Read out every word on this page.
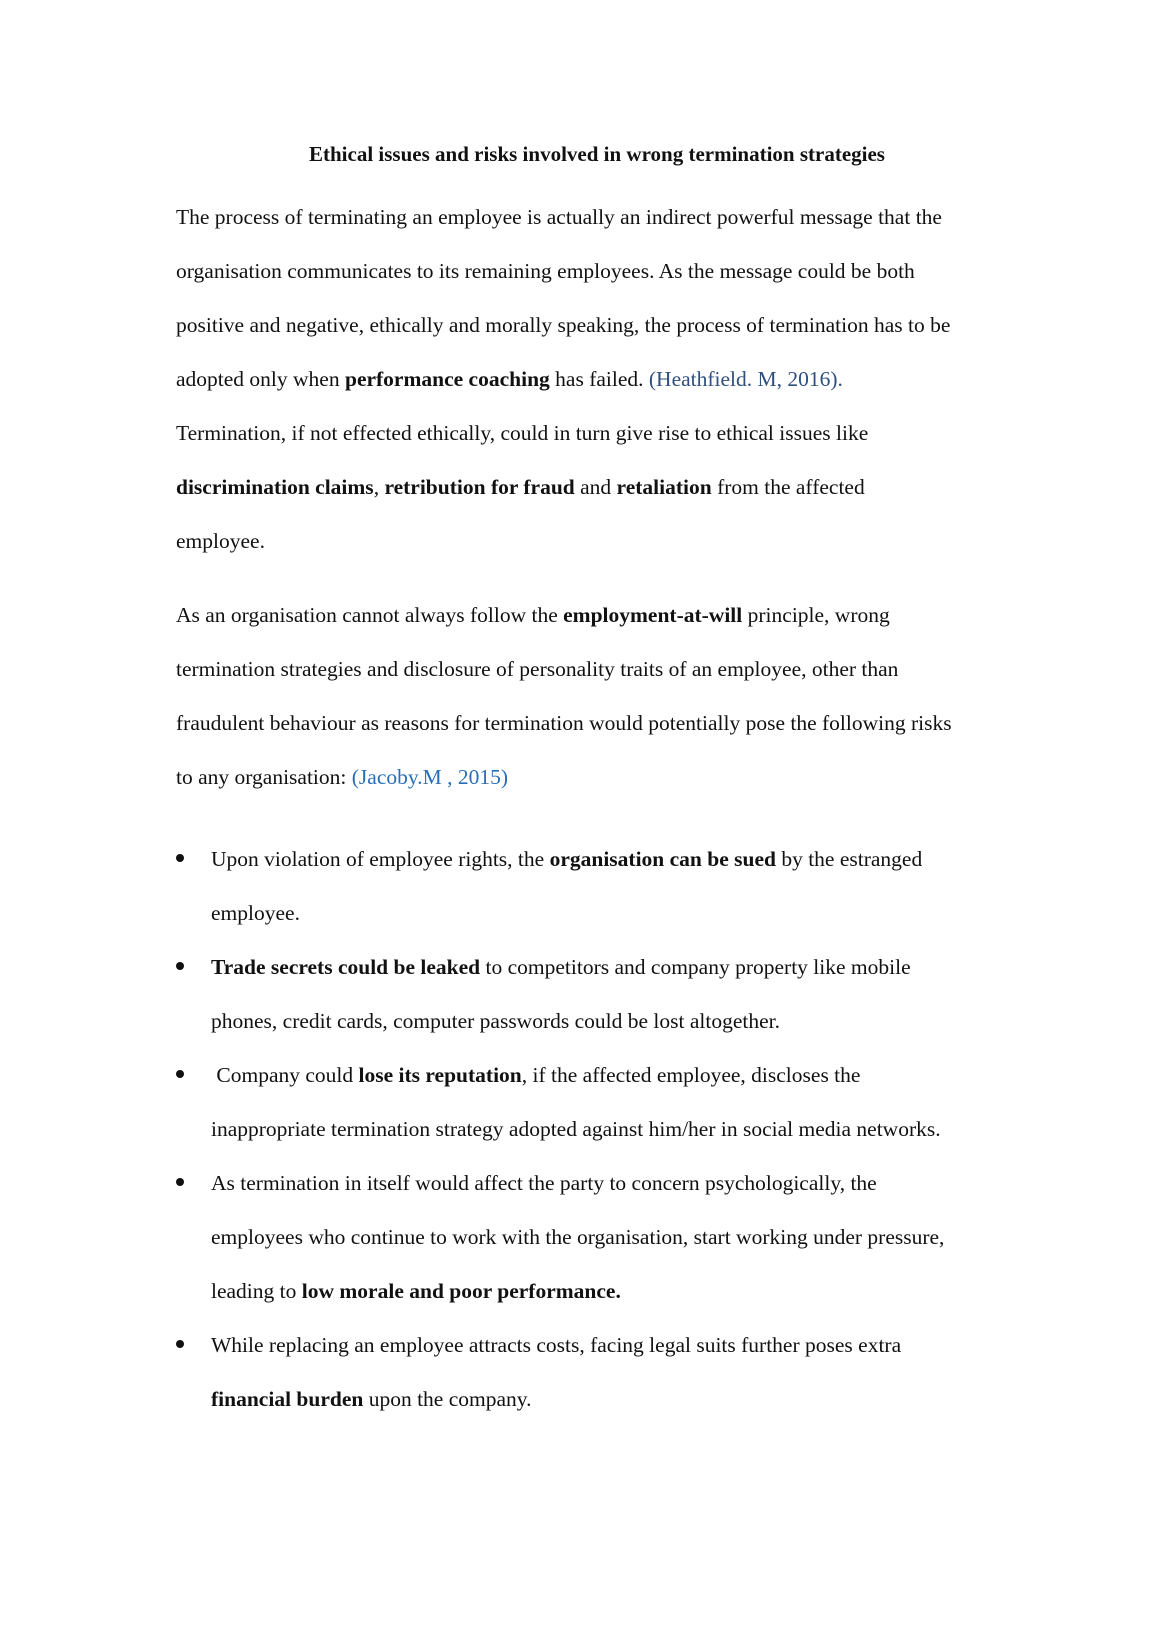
Ethical issues and risks involved in wrong termination strategies
The process of terminating an employee is actually an indirect powerful message that the
organisation communicates to its remaining employees. As the message could be both
positive and negative, ethically and morally speaking, the process of termination has to be
adopted only when performance coaching has failed. (Heathfield. M, 2016).
Termination, if not effected ethically, could in turn give rise to ethical issues like
discrimination claims, retribution for fraud and retaliation from the affected
employee.
As an organisation cannot always follow the employment-at-will principle, wrong
termination strategies and disclosure of personality traits of an employee, other than
fraudulent behaviour as reasons for termination would potentially pose the following risks
to any organisation: (Jacoby.M , 2015)
Upon violation of employee rights, the organisation can be sued by the estranged
employee.
Trade secrets could be leaked to competitors and company property like mobile
phones, credit cards, computer passwords could be lost altogether.
Company could lose its reputation, if the affected employee, discloses the
inappropriate termination strategy adopted against him/her in social media networks.
As termination in itself would affect the party to concern psychologically, the
employees who continue to work with the organisation, start working under pressure,
leading to low morale and poor performance.
While replacing an employee attracts costs, facing legal suits further poses extra
financial burden upon the company.
